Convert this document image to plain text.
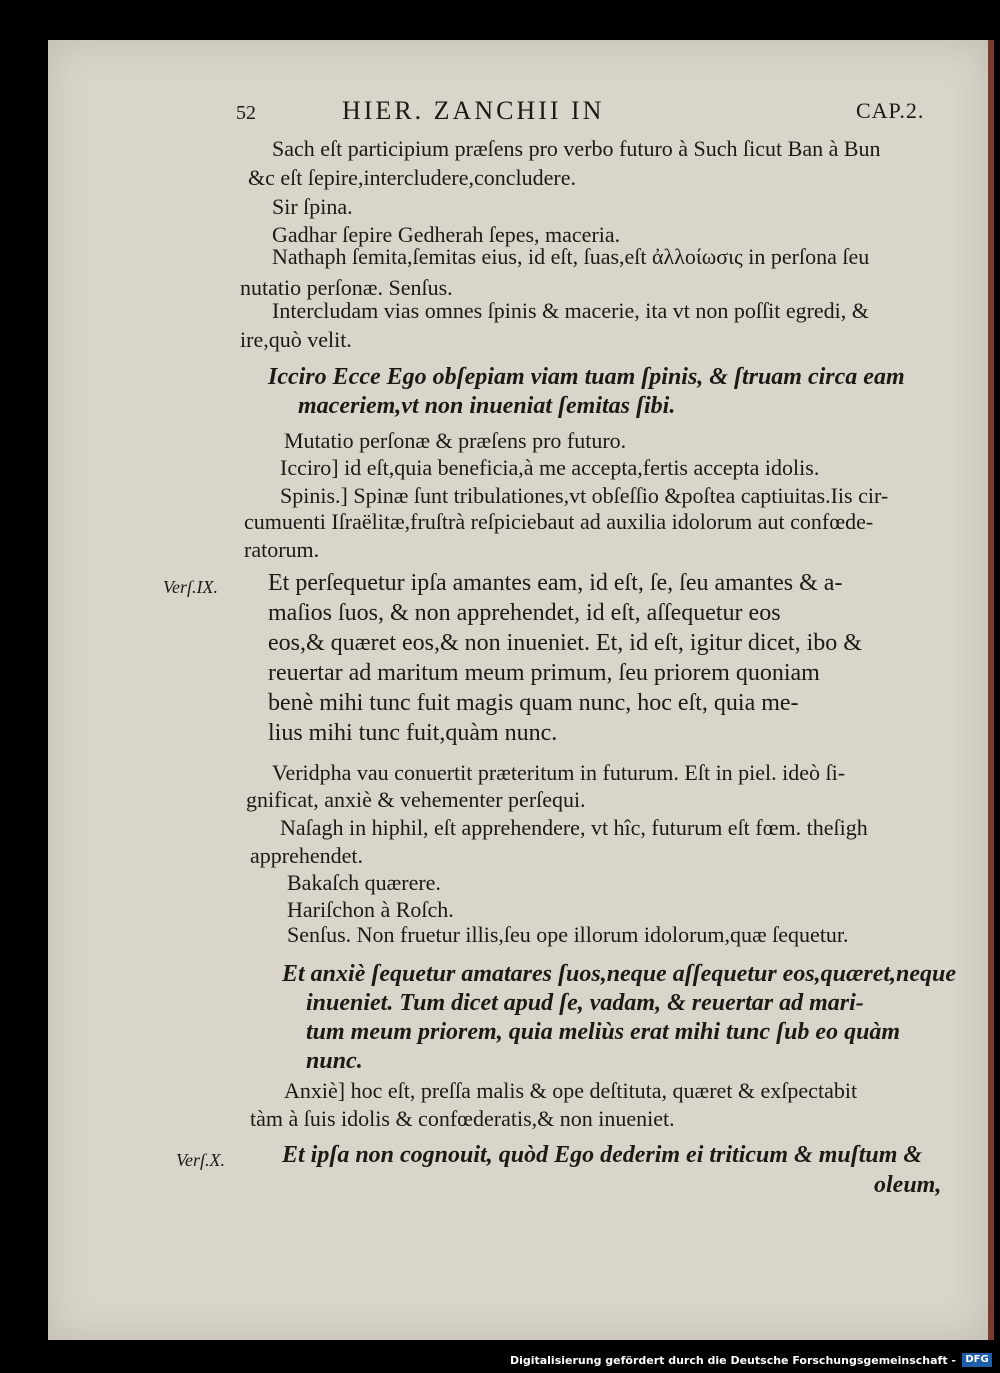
52	HIER. ZANCHII IN	CAP.2.
Sach eſt participium præſens pro verbo futuro à Such ſicut Ban à Bun
&c eſt ſepire,intercludere,concludere.
Sir ſpina.
Gadhar ſepire Gedherah ſepes, maceria.
Nathaph ſemita,ſemitas eius, id eſt, ſuas,eſt ἀλλοίωσις in perſona ſeu
nutatio perſonæ. Senſus.
Intercludam vias omnes ſpinis & macerie, ita vt non poſſit egredi, &
ire,quò velit.
Icciro Ecce Ego obſepiam viam tuam ſpinis, & ſtruam circa eam
maceriem,vt non inueniat ſemitas ſibi.
Mutatio perſonæ & præſens pro futuro.
Icciro] id eſt,quia beneficia,à me accepta,fertis accepta idolis.
Spinis.] Spinæ ſunt tribulationes,vt obſeſſio &poſtea captiuitas.Iis cir-
cumuenti Iſraëlitæ,fruſtrà reſpiciebaut ad auxilia idolorum aut confœde-
ratorum.
Verſ.IX. Et perſequetur ipſa amantes eam, id eſt, ſe, ſeu amantes & a-
maſios ſuos, & non apprehendet, id eſt, aſſequetur eos
eos,& quæret eos,& non inueniet. Et, id eſt, igitur dicet, ibo &
reuertar ad maritum meum primum, ſeu priorem quoniam
benè mihi tunc fuit magis quam nunc, hoc eſt, quia me-
lius mihi tunc fuit,quàm nunc.
Veridpha vau conuertit præteritum in futurum. Eſt in piel. ideò ſi-
gnificat, anxiè & vehementer perſequi.
Naſagh in hiphil, eſt apprehendere, vt hîc, futurum eſt fœm. theſigh
apprehendet.
Bakaſch quærere.
Hariſchon à Roſch.
Senſus. Non fruetur illis,ſeu ope illorum idolorum,quæ ſequetur.
Et anxiè ſequetur amatares ſuos,neque aſſequetur eos,quæret,neque
inueniet. Tum dicet apud ſe, vadam, & reuertar ad mari-
tum meum priorem, quia meliùs erat mihi tunc ſub eo quàm
nunc.
Anxiè] hoc eſt, preſſa malis & ope deſtituta, quæret & exſpectabit
tàm à ſuis idolis & confœderatis,& non inueniet.
Verſ.X. Et ipſa non cognouit, quòd Ego dederim ei triticum & muſtum &
oleum,
Digitalisierung gefördert durch die Deutsche Forschungsgemeinschaft - DFG
